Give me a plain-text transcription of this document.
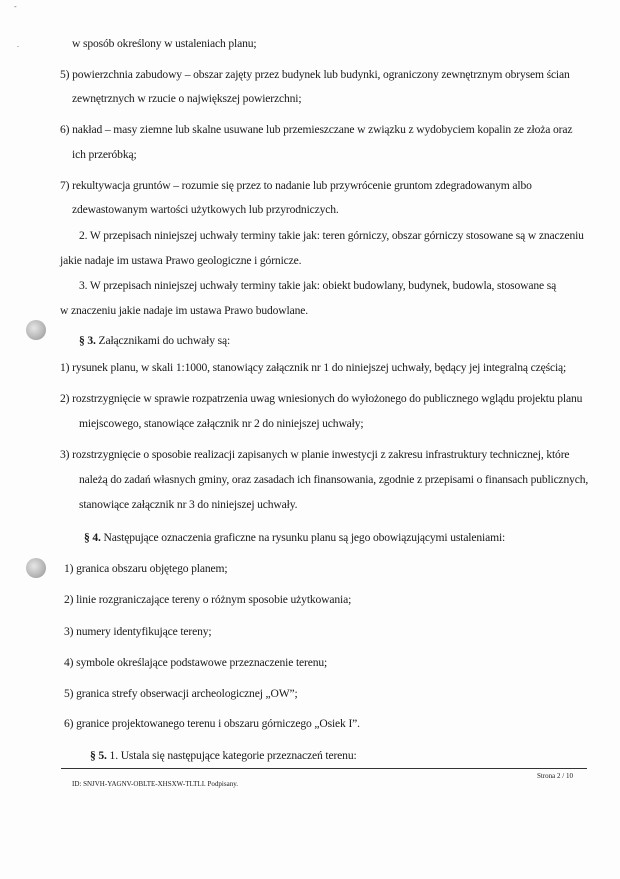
-
.	w sposób określony w ustaleniach planu;
5) powierzchnia zabudowy – obszar zajęty przez budynek lub budynki, ograniczony zewnętrznym obrysem ścian
zewnętrznych w rzucie o największej powierzchni;
6) nakład – masy ziemne lub skalne usuwane lub przemieszczane w związku z wydobyciem kopalin ze złoża oraz
ich przeróbką;
7) rekultywacja gruntów – rozumie się przez to nadanie lub przywrócenie gruntom zdegradowanym albo
zdewastowanym wartości użytkowych lub przyrodniczych.
2. W przepisach niniejszej uchwały terminy takie jak: teren górniczy, obszar górniczy stosowane są w znaczeniu
jakie nadaje im ustawa Prawo geologiczne i górnicze.
3. W przepisach niniejszej uchwały terminy takie jak: obiekt budowlany, budynek, budowla, stosowane są
w znaczeniu jakie nadaje im ustawa Prawo budowlane.
§ 3. Załącznikami do uchwały są:
1) rysunek planu, w skali 1:1000, stanowiący załącznik nr 1 do niniejszej uchwały, będący jej integralną częścią;
2) rozstrzygnięcie w sprawie rozpatrzenia uwag wniesionych do wyłożonego do publicznego wglądu projektu planu
miejscowego, stanowiące załącznik nr 2 do niniejszej uchwały;
3) rozstrzygnięcie o sposobie realizacji zapisanych w planie inwestycji z zakresu infrastruktury technicznej, które
należą do zadań własnych gminy, oraz zasadach ich finansowania, zgodnie z przepisami o finansach publicznych,
stanowiące załącznik nr 3 do niniejszej uchwały.
§ 4. Następujące oznaczenia graficzne na rysunku planu są jego obowiązującymi ustaleniami:
1) granica obszaru objętego planem;
2) linie rozgraniczające tereny o różnym sposobie użytkowania;
3) numery identyfikujące tereny;
4) symbole określające podstawowe przeznaczenie terenu;
5) granica strefy obserwacji archeologicznej „OW”;
6) granice projektowanego terenu i obszaru górniczego „Osiek I”.
§ 5. 1. Ustala się następujące kategorie przeznaczeń terenu:
ID: SNJVH-YAGNV-OBLTE-XHSXW-TLTLI. Podpisany.
Strona 2 / 10
